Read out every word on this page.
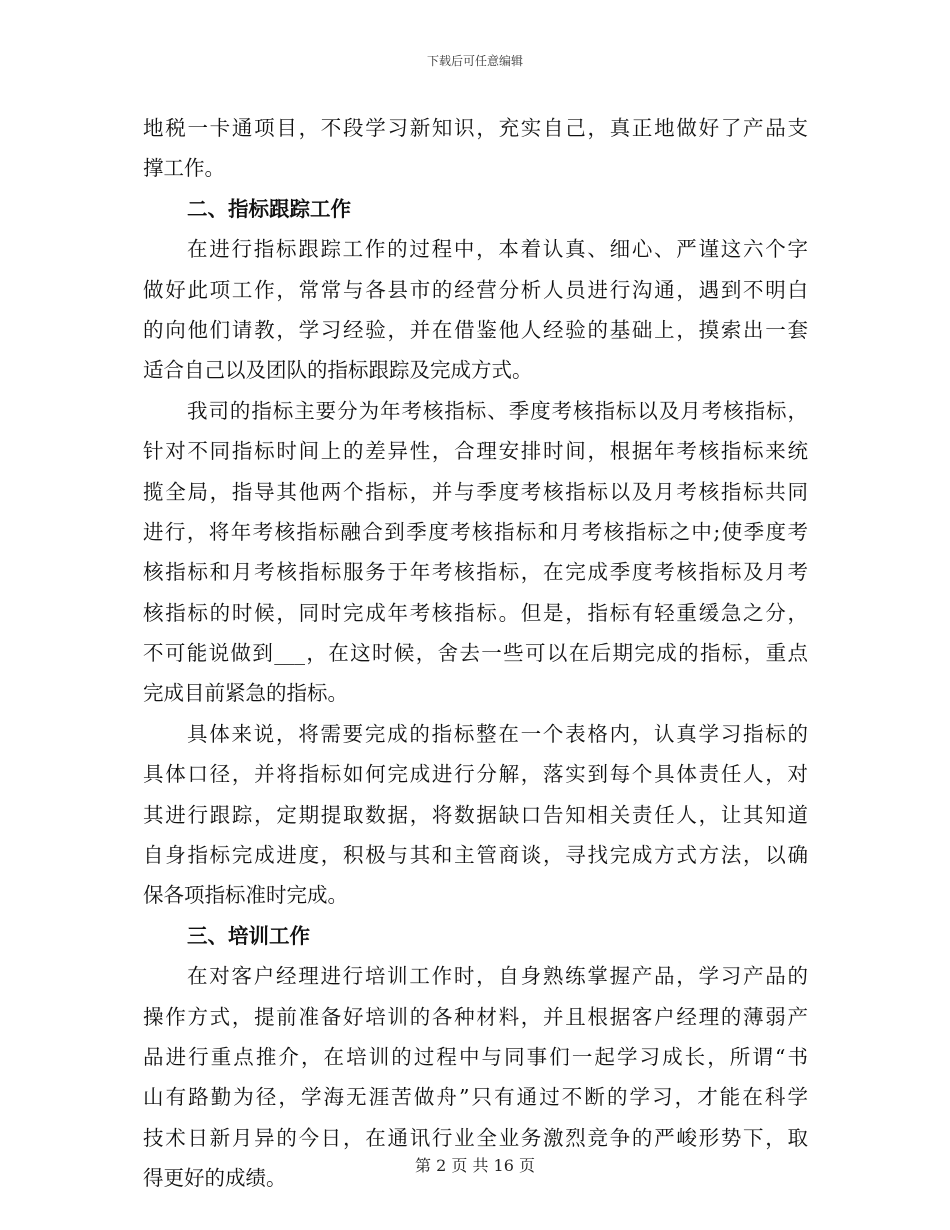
下载后可任意编辑
地税一卡通项目，不段学习新知识，充实自己，真正地做好了产品支
撑工作。
二、指标跟踪工作
在进行指标跟踪工作的过程中，本着认真、细心、严谨这六个字
做好此项工作，常常与各县市的经营分析人员进行沟通，遇到不明白
的向他们请教，学习经验，并在借鉴他人经验的基础上，摸索出一套
适合自己以及团队的指标跟踪及完成方式。
我司的指标主要分为年考核指标、季度考核指标以及月考核指标，
针对不同指标时间上的差异性，合理安排时间，根据年考核指标来统
揽全局，指导其他两个指标，并与季度考核指标以及月考核指标共同
进行，将年考核指标融合到季度考核指标和月考核指标之中;使季度考
核指标和月考核指标服务于年考核指标，在完成季度考核指标及月考
核指标的时候，同时完成年考核指标。但是，指标有轻重缓急之分，
不可能说做到___，在这时候，舍去一些可以在后期完成的指标，重点
完成目前紧急的指标。
具体来说，将需要完成的指标整在一个表格内，认真学习指标的
具体口径，并将指标如何完成进行分解，落实到每个具体责任人，对
其进行跟踪，定期提取数据，将数据缺口告知相关责任人，让其知道
自身指标完成进度，积极与其和主管商谈，寻找完成方式方法，以确
保各项指标准时完成。
三、培训工作
在对客户经理进行培训工作时，自身熟练掌握产品，学习产品的
操作方式，提前准备好培训的各种材料，并且根据客户经理的薄弱产
品进行重点推介，在培训的过程中与同事们一起学习成长，所谓“书
山有路勤为径，学海无涯苦做舟”只有通过不断的学习，才能在科学
技术日新月异的今日，在通讯行业全业务激烈竞争的严峻形势下，取
得更好的成绩。
第 2 页 共 16 页
